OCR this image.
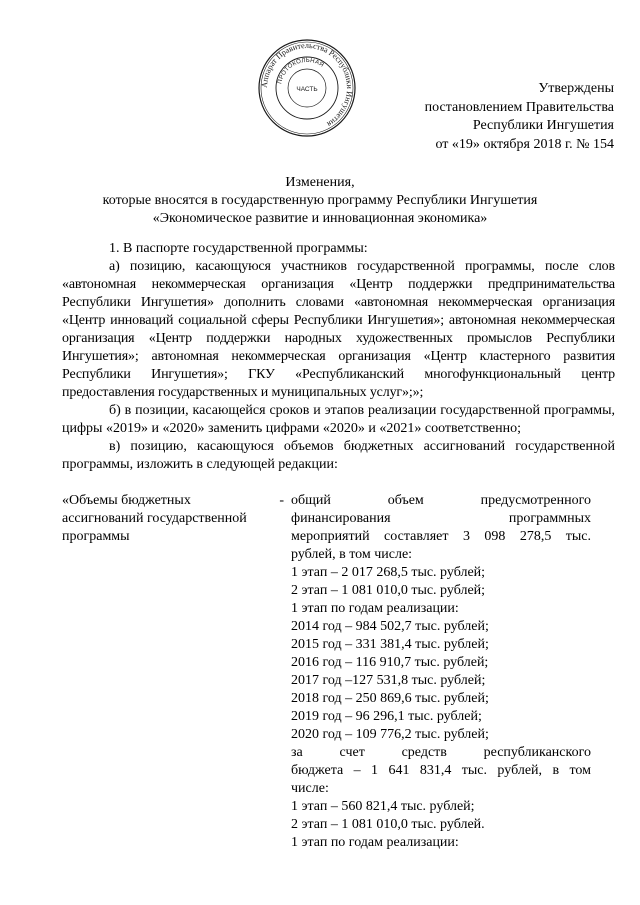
Аппарат Правительства Республики Ингушетия
ПРОТОКОЛЬНАЯ
ЧАСТЬ	Утверждены
постановлением Правительства
Республики Ингушетия
от «19» октября 2018 г. № 154
Изменения,
которые вносятся в государственную программу Республики Ингушетия
«Экономическое развитие и инновационная экономика»

1. В паспорте государственной программы:

а) позицию, касающуюся участников государственной программы, после слов «автономная некоммерческая организация «Центр поддержки предпринимательства Республики Ингушетия» дополнить словами «автономная некоммерческая организация «Центр инноваций социальной сферы Республики Ингушетия»; автономная некоммерческая организация «Центр поддержки народных художественных промыслов Республики Ингушетия»; автономная некоммерческая организация «Центр кластерного развития Республики Ингушетия»; ГКУ «Республиканский многофункциональный центр предоставления государственных и муниципальных услуг»;»;

б) в позиции, касающейся сроков и этапов реализации государственной программы, цифры «2019» и «2020» заменить цифрами «2020» и «2021» соответственно;

в) позицию, касающуюся объемов бюджетных ассигнований государственной программы, изложить в следующей редакции:

«Объемы бюджетных ассигнований государственной программы
- общий объем предусмотренного
финансирования программных
мероприятий составляет 3 098 278,5 тыс.
рублей, в том числе:
1 этап – 2 017 268,5 тыс. рублей;
2 этап – 1 081 010,0 тыс. рублей;
1 этап по годам реализации:
2014 год – 984 502,7 тыс. рублей;
2015 год – 331 381,4 тыс. рублей;
2016 год – 116 910,7 тыс. рублей;
2017 год –127 531,8 тыс. рублей;
2018 год – 250 869,6 тыс. рублей;
2019 год – 96 296,1 тыс. рублей;
2020 год – 109 776,2 тыс. рублей;
за счет средств республиканского
бюджета – 1 641 831,4 тыс. рублей, в том
числе:
1 этап – 560 821,4 тыс. рублей;
2 этап – 1 081 010,0 тыс. рублей.
1 этап по годам реализации:
